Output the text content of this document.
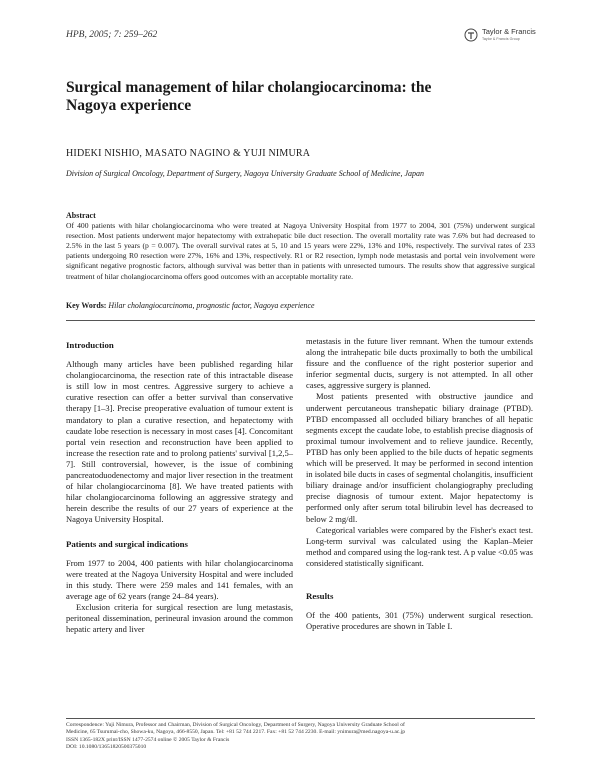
HPB, 2005; 7: 259–262	Taylor & Francis
Taylor & Francis Group
Surgical management of hilar cholangiocarcinoma: the Nagoya experience
HIDEKI NISHIO, MASATO NAGINO & YUJI NIMURA
Division of Surgical Oncology, Department of Surgery, Nagoya University Graduate School of Medicine, Japan
Abstract
Of 400 patients with hilar cholangiocarcinoma who were treated at Nagoya University Hospital from 1977 to 2004, 301 (75%) underwent surgical resection. Most patients underwent major hepatectomy with extrahepatic bile duct resection. The overall mortality rate was 7.6% but had decreased to 2.5% in the last 5 years (p = 0.007). The overall survival rates at 5, 10 and 15 years were 22%, 13% and 10%, respectively. The survival rates of 233 patients undergoing R0 resection were 27%, 16% and 13%, respectively. R1 or R2 resection, lymph node metastasis and portal vein involvement were significant negative prognostic factors, although survival was better than in patients with unresected tumours. The results show that aggressive surgical treatment of hilar cholangiocarcinoma offers good outcomes with an acceptable mortality rate.
Key Words: Hilar cholangiocarcinoma, prognostic factor, Nagoya experience
Introduction

Although many articles have been published regarding hilar cholangiocarcinoma, the resection rate of this intractable disease is still low in most centres. Aggressive surgery to achieve a curative resection can offer a better survival than conservative therapy [1–3]. Precise preoperative evaluation of tumour extent is mandatory to plan a curative resection, and hepatectomy with caudate lobe resection is necessary in most cases [4]. Concomitant portal vein resection and reconstruction have been applied to increase the resection rate and to prolong patients' survival [1,2,5–7]. Still controversial, however, is the issue of combining pancreatoduodenectomy and major liver resection in the treatment of hilar cholangiocarcinoma [8]. We have treated patients with hilar cholangiocarcinoma following an aggressive strategy and herein describe the results of our 27 years of experience at the Nagoya University Hospital.

Patients and surgical indications

From 1977 to 2004, 400 patients with hilar cholangiocarcinoma were treated at the Nagoya University Hospital and were included in this study. There were 259 males and 141 females, with an average age of 62 years (range 24–84 years).

Exclusion criteria for surgical resection are lung metastasis, peritoneal dissemination, perineural invasion around the common hepatic artery and liver

metastasis in the future liver remnant. When the tumour extends along the intrahepatic bile ducts proximally to both the umbilical fissure and the confluence of the right posterior superior and inferior segmental ducts, surgery is not attempted. In all other cases, aggressive surgery is planned.

Most patients presented with obstructive jaundice and underwent percutaneous transhepatic biliary drainage (PTBD). PTBD encompassed all occluded biliary branches of all hepatic segments except the caudate lobe, to establish precise diagnosis of proximal tumour involvement and to relieve jaundice. Recently, PTBD has only been applied to the bile ducts of hepatic segments which will be preserved. It may be performed in second intention in isolated bile ducts in cases of segmental cholangitis, insufficient biliary drainage and/or insufficient cholangiography precluding precise diagnosis of tumour extent. Major hepatectomy is performed only after serum total bilirubin level has decreased to below 2 mg/dl.

Categorical variables were compared by the Fisher's exact test. Long-term survival was calculated using the Kaplan–Meier method and compared using the log-rank test. A p value <0.05 was considered statistically significant.

Results

Of the 400 patients, 301 (75%) underwent surgical resection. Operative procedures are shown in Table I.

Correspondence: Yuji Nimura, Professor and Chairman, Division of Surgical Oncology, Department of Surgery, Nagoya University Graduate School of
Medicine, 65 Tsurumai-cho, Showa-ku, Nagoya, 466-8550, Japan. Tel: +81 52 744 2217. Fax: +81 52 744 2230. E-mail: ynimura@med.nagoya-u.ac.jp
ISSN 1365-182X print/ISSN 1477-2574 online © 2005 Taylor & Francis
DOI: 10.1080/13651820500375010
